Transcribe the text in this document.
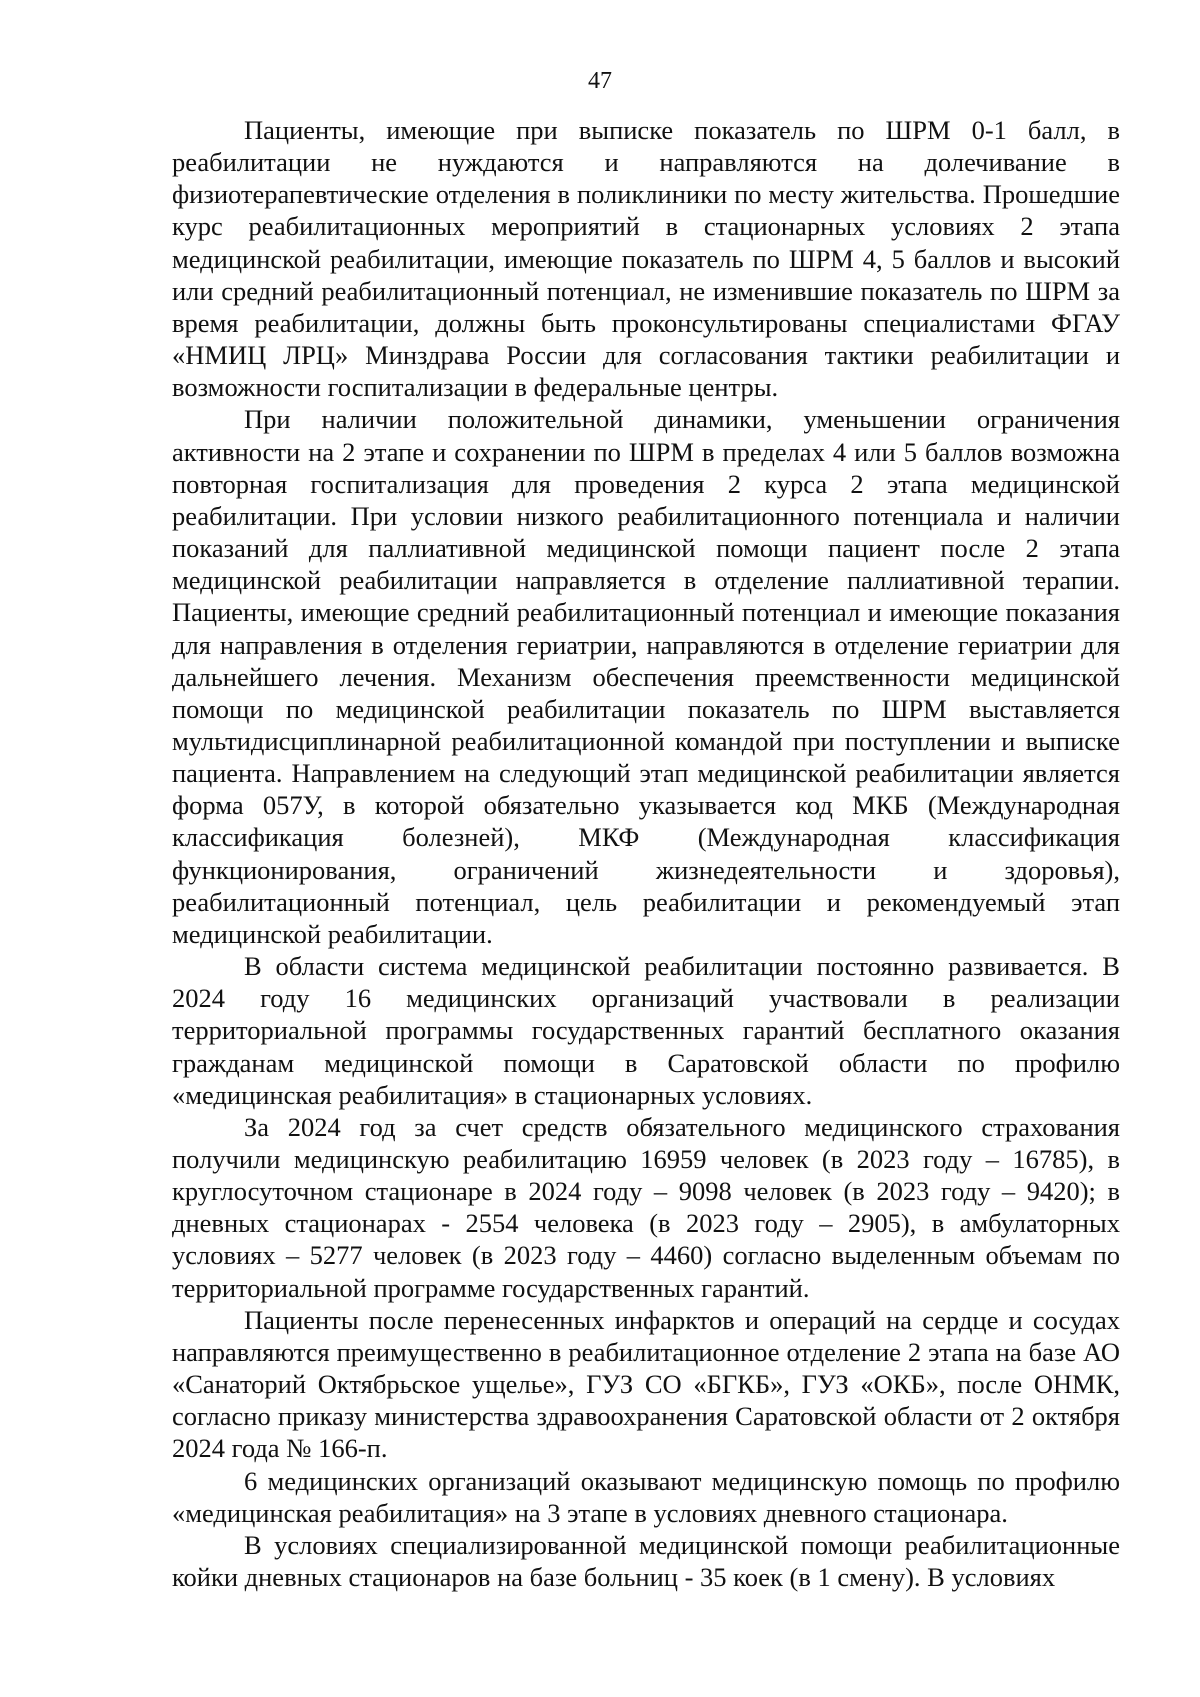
47

Пациенты, имеющие при выписке показатель по ШРМ 0-1 балл, в реабилитации не нуждаются и направляются на долечивание в физиотерапевтические отделения в поликлиники по месту жительства. Прошедшие курс реабилитационных мероприятий в стационарных условиях 2 этапа медицинской реабилитации, имеющие показатель по ШРМ 4, 5 баллов и высокий или средний реабилитационный потенциал, не изменившие показатель по ШРМ за время реабилитации, должны быть проконсультированы специалистами ФГАУ «НМИЦ ЛРЦ» Минздрава России для согласования тактики реабилитации и возможности госпитализации в федеральные центры.

При наличии положительной динамики, уменьшении ограничения активности на 2 этапе и сохранении по ШРМ в пределах 4 или 5 баллов возможна повторная госпитализация для проведения 2 курса 2 этапа медицинской реабилитации. При условии низкого реабилитационного потенциала и наличии показаний для паллиативной медицинской помощи пациент после 2 этапа медицинской реабилитации направляется в отделение паллиативной терапии. Пациенты, имеющие средний реабилитационный потенциал и имеющие показания для направления в отделения гериатрии, направляются в отделение гериатрии для дальнейшего лечения. Механизм обеспечения преемственности медицинской помощи по медицинской реабилитации показатель по ШРМ выставляется мультидисциплинарной реабилитационной командой при поступлении и выписке пациента. Направлением на следующий этап медицинской реабилитации является форма 057У, в которой обязательно указывается код МКБ (Международная классификация болезней), МКФ (Международная классификация функционирования, ограничений жизнедеятельности и здоровья), реабилитационный потенциал, цель реабилитации и рекомендуемый этап медицинской реабилитации.

В области система медицинской реабилитации постоянно развивается. В 2024 году 16 медицинских организаций участвовали в реализации территориальной программы государственных гарантий бесплатного оказания гражданам медицинской помощи в Саратовской области по профилю «медицинская реабилитация» в стационарных условиях.

За 2024 год за счет средств обязательного медицинского страхования получили медицинскую реабилитацию 16959 человек (в 2023 году – 16785), в круглосуточном стационаре в 2024 году – 9098 человек (в 2023 году – 9420); в дневных стационарах - 2554 человека (в 2023 году – 2905), в амбулаторных условиях – 5277 человек (в 2023 году – 4460) согласно выделенным объемам по территориальной программе государственных гарантий.

Пациенты после перенесенных инфарктов и операций на сердце и сосудах направляются преимущественно в реабилитационное отделение 2 этапа на базе АО «Санаторий Октябрьское ущелье», ГУЗ СО «БГКБ», ГУЗ «ОКБ», после ОНМК, согласно приказу министерства здравоохранения Саратовской области от 2 октября 2024 года № 166-п.

6 медицинских организаций оказывают медицинскую помощь по профилю «медицинская реабилитация» на 3 этапе в условиях дневного стационара.

В условиях специализированной медицинской помощи реабилитационные койки дневных стационаров на базе больниц - 35 коек (в 1 смену). В условиях
